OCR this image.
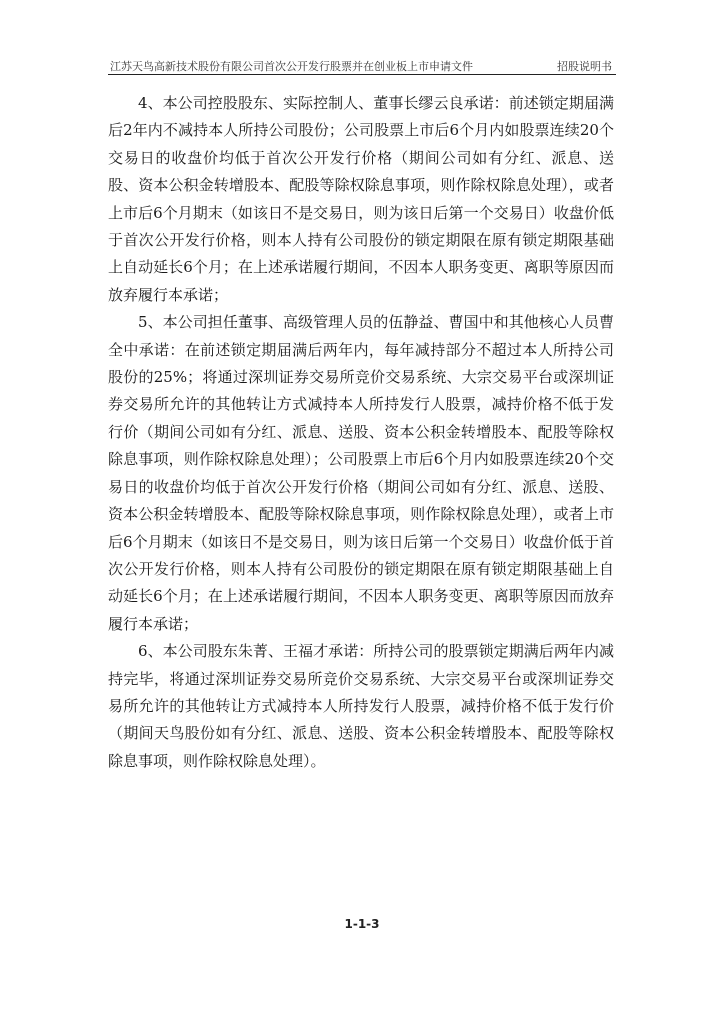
江苏天鸟高新技术股份有限公司首次公开发行股票并在创业板上市申请文件	招股说明书

4、本公司控股股东、实际控制人、董事长缪云良承诺：前述锁定期届满后2年内不减持本人所持公司股份；公司股票上市后6个月内如股票连续20个交易日的收盘价均低于首次公开发行价格（期间公司如有分红、派息、送股、资本公积金转增股本、配股等除权除息事项，则作除权除息处理），或者上市后6个月期末（如该日不是交易日，则为该日后第一个交易日）收盘价低于首次公开发行价格，则本人持有公司股份的锁定期限在原有锁定期限基础上自动延长6个月；在上述承诺履行期间，不因本人职务变更、离职等原因而放弃履行本承诺；

5、本公司担任董事、高级管理人员的伍静益、曹国中和其他核心人员曹全中承诺：在前述锁定期届满后两年内，每年减持部分不超过本人所持公司股份的25%；将通过深圳证券交易所竞价交易系统、大宗交易平台或深圳证券交易所允许的其他转让方式减持本人所持发行人股票，减持价格不低于发行价（期间公司如有分红、派息、送股、资本公积金转增股本、配股等除权除息事项，则作除权除息处理）；公司股票上市后6个月内如股票连续20个交易日的收盘价均低于首次公开发行价格（期间公司如有分红、派息、送股、资本公积金转增股本、配股等除权除息事项，则作除权除息处理），或者上市后6个月期末（如该日不是交易日，则为该日后第一个交易日）收盘价低于首次公开发行价格，则本人持有公司股份的锁定期限在原有锁定期限基础上自动延长6个月；在上述承诺履行期间，不因本人职务变更、离职等原因而放弃履行本承诺；

6、本公司股东朱菁、王福才承诺：所持公司的股票锁定期满后两年内减持完毕，将通过深圳证券交易所竞价交易系统、大宗交易平台或深圳证券交易所允许的其他转让方式减持本人所持发行人股票，减持价格不低于发行价（期间天鸟股份如有分红、派息、送股、资本公积金转增股本、配股等除权除息事项，则作除权除息处理）。

1-1-3
